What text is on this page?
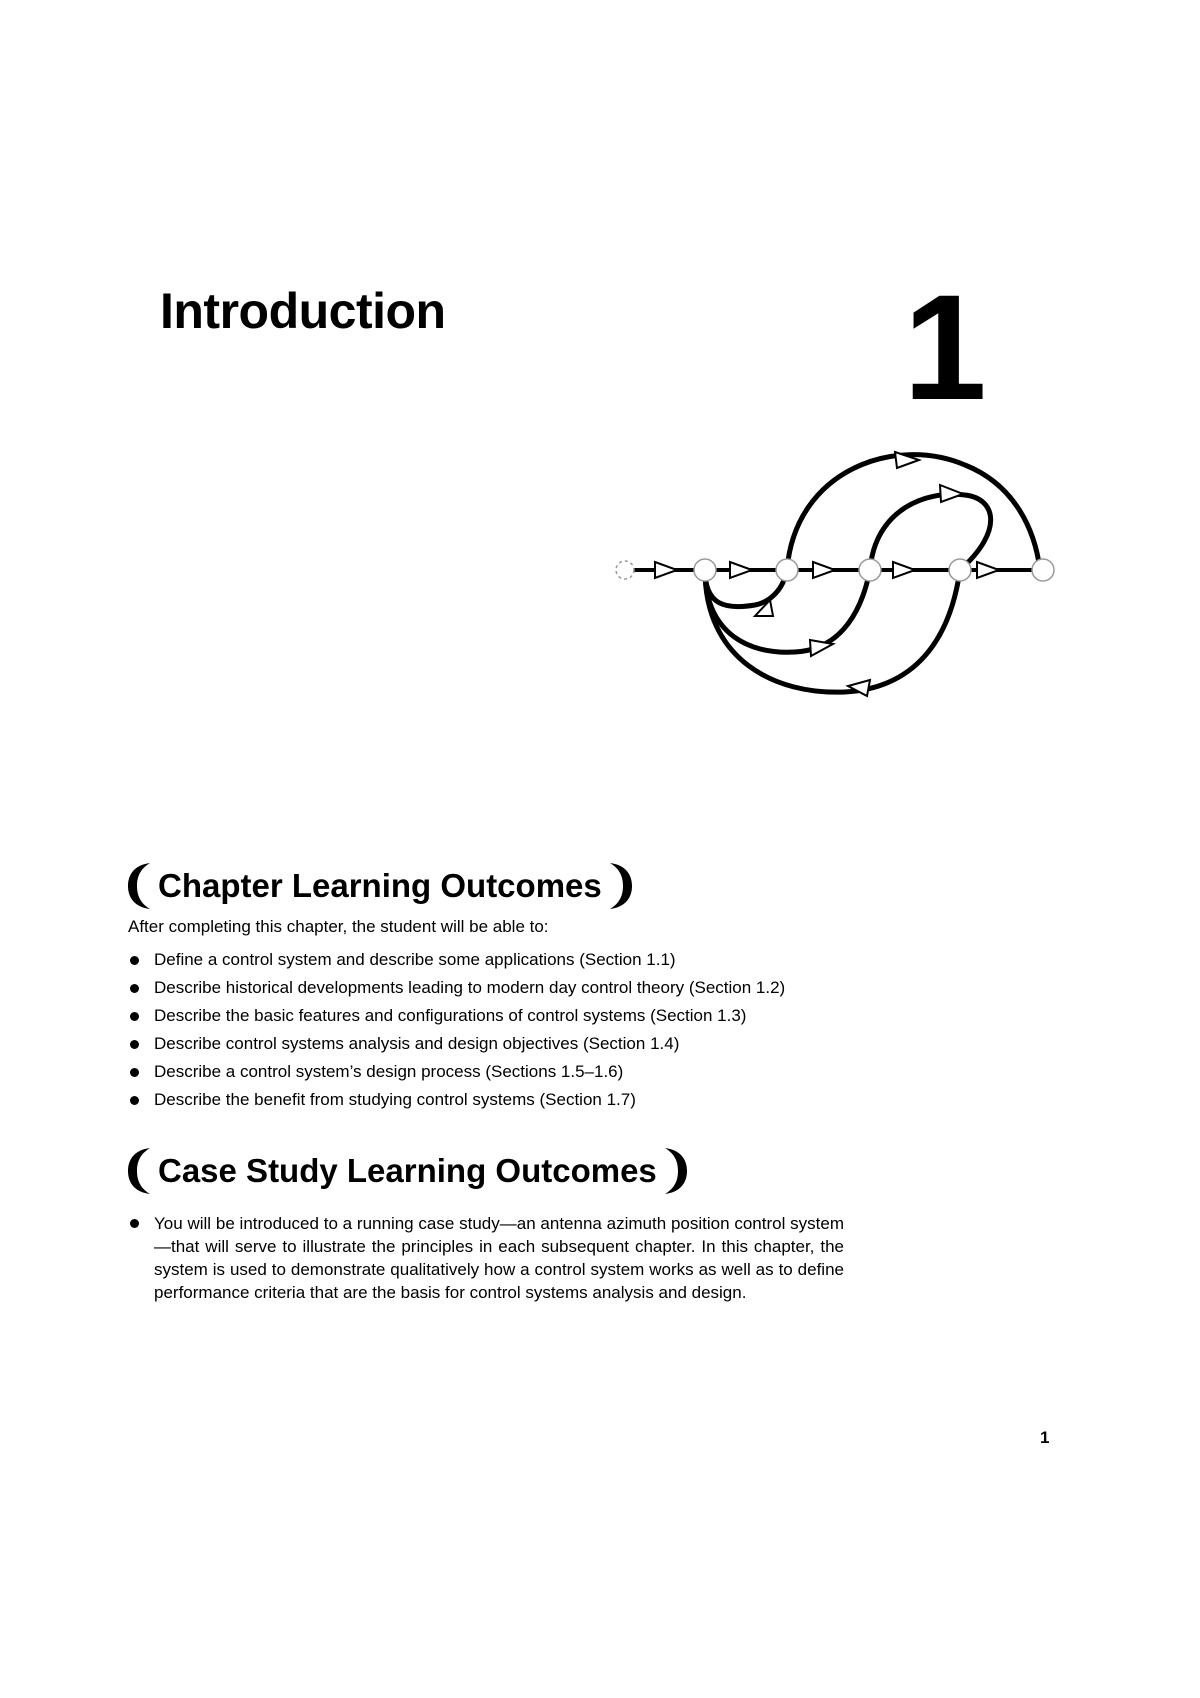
Introduction	1
Chapter Learning Outcomes

After completing this chapter, the student will be able to:

Define a control system and describe some applications (Section 1.1)
Describe historical developments leading to modern day control theory (Section 1.2)
Describe the basic features and configurations of control systems (Section 1.3)
Describe control systems analysis and design objectives (Section 1.4)
Describe a control system’s design process (Sections 1.5–1.6)
Describe the benefit from studying control systems (Section 1.7)
Case Study Learning Outcomes

You will be introduced to a running case study—an antenna azimuth position control system—that will serve to illustrate the principles in each subsequent chapter. In this chapter, the system is used to demonstrate qualitatively how a control system works as well as to define performance criteria that are the basis for control systems analysis and design.

1
